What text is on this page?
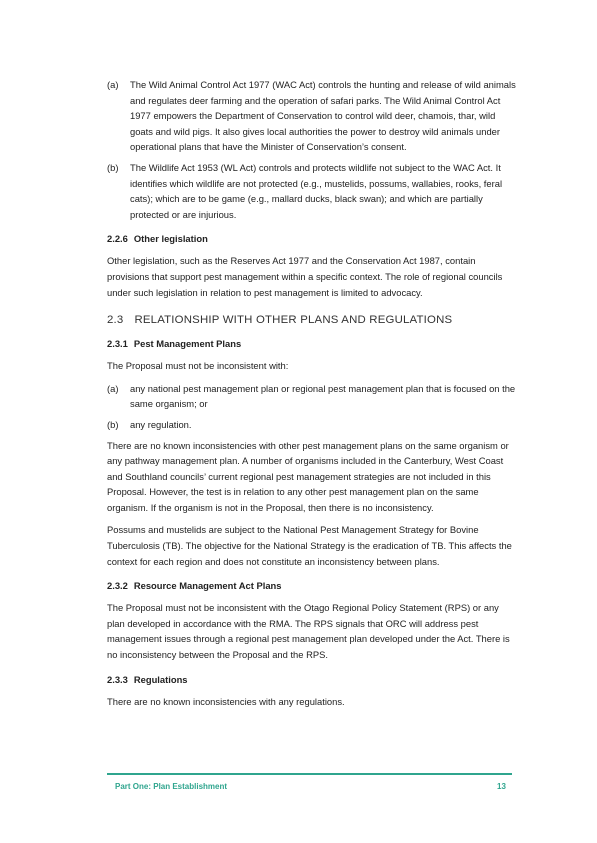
(a)	The Wild Animal Control Act 1977 (WAC Act) controls the hunting and release of wild animals and regulates deer farming and the operation of safari parks. The Wild Animal Control Act 1977 empowers the Department of Conservation to control wild deer, chamois, thar, wild goats and wild pigs. It also gives local authorities the power to destroy wild animals under operational plans that have the Minister of Conservation’s consent.
(b)	The Wildlife Act 1953 (WL Act) controls and protects wildlife not subject to the WAC Act. It identifies which wildlife are not protected (e.g., mustelids, possums, wallabies, rooks, feral cats); which are to be game (e.g., mallard ducks, black swan); and which are partially protected or are injurious.
2.2.6 Other legislation

Other legislation, such as the Reserves Act 1977 and the Conservation Act 1987, contain provisions that support pest management within a specific context. The role of regional councils under such legislation in relation to pest management is limited to advocacy.

2.3 RELATIONSHIP WITH OTHER PLANS AND REGULATIONS
2.3.1 Pest Management Plans

The Proposal must not be inconsistent with:

(a)	any national pest management plan or regional pest management plan that is focused on the same organism; or
(b)	any regulation.

There are no known inconsistencies with other pest management plans on the same organism or any pathway management plan. A number of organisms included in the Canterbury, West Coast and Southland councils’ current regional pest management strategies are not included in this Proposal. However, the test is in relation to any other pest management plan on the same organism. If the organism is not in the Proposal, then there is no inconsistency.

Possums and mustelids are subject to the National Pest Management Strategy for Bovine Tuberculosis (TB). The objective for the National Strategy is the eradication of TB. This affects the context for each region and does not constitute an inconsistency between plans.

2.3.2 Resource Management Act Plans

The Proposal must not be inconsistent with the Otago Regional Policy Statement (RPS) or any plan developed in accordance with the RMA. The RPS signals that ORC will address pest management issues through a regional pest management plan developed under the Act. There is no inconsistency between the Proposal and the RPS.

2.3.3 Regulations

There are no known inconsistencies with any regulations.

Part One: Plan Establishment	13
